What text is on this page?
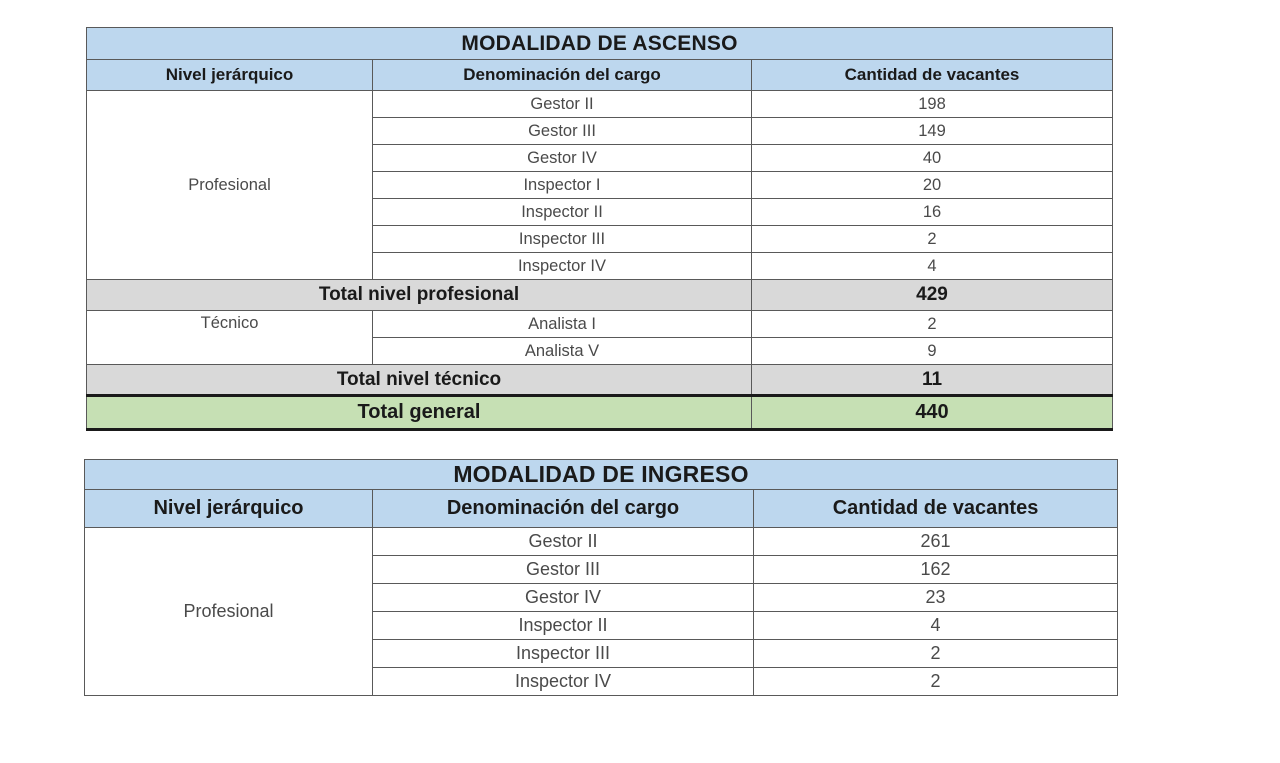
MODALIDAD DE ASCENSO		
Nivel jerárquico	Denominación del cargo	Cantidad de vacantes
Profesional	Gestor II	198
	Gestor III	149
	Gestor IV	40
	Inspector I	20
	Inspector II	16
	Inspector III	2
	Inspector IV	4
Total nivel profesional		429
Técnico	Analista I	2
	Analista V	9
Total nivel técnico		11
Total general		440
MODALIDAD DE INGRESO		
Nivel jerárquico	Denominación del cargo	Cantidad de vacantes
Profesional	Gestor II	261
	Gestor III	162
	Gestor IV	23
	Inspector II	4
	Inspector III	2
	Inspector IV	2
